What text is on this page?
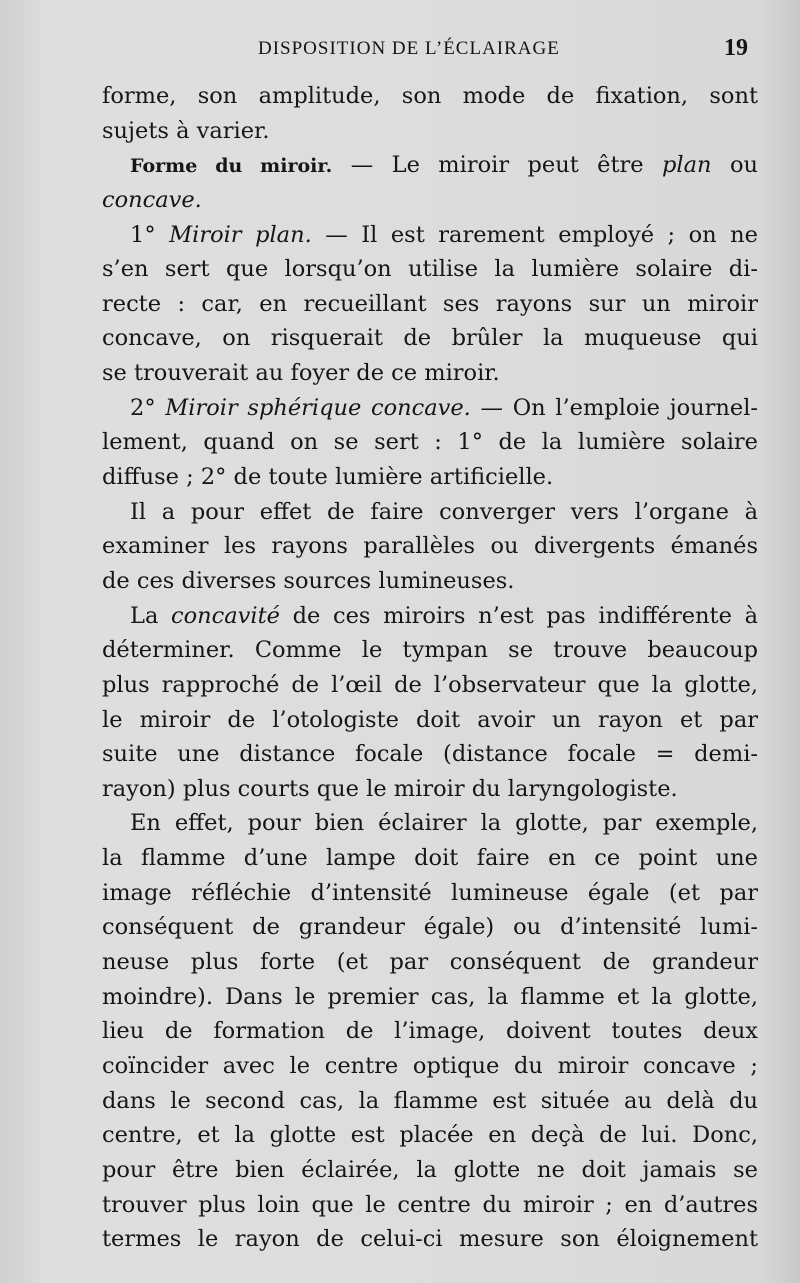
DISPOSITION DE L’ÉCLAIRAGE	19
forme, son amplitude, son mode de fixation, sont
sujets à varier.
Forme du miroir. — Le miroir peut être plan ou
concave.
1° Miroir plan. — Il est rarement employé ; on ne
s’en sert que lorsqu’on utilise la lumière solaire di-
recte : car, en recueillant ses rayons sur un miroir
concave, on risquerait de brûler la muqueuse qui
se trouverait au foyer de ce miroir.
2° Miroir sphérique concave. — On l’emploie journel-
lement, quand on se sert : 1° de la lumière solaire
diffuse ; 2° de toute lumière artificielle.
Il a pour effet de faire converger vers l’organe à
examiner les rayons parallèles ou divergents émanés
de ces diverses sources lumineuses.
La concavité de ces miroirs n’est pas indifférente à
déterminer. Comme le tympan se trouve beaucoup
plus rapproché de l’œil de l’observateur que la glotte,
le miroir de l’otologiste doit avoir un rayon et par
suite une distance focale (distance focale = demi-
rayon) plus courts que le miroir du laryngologiste.
En effet, pour bien éclairer la glotte, par exemple,
la flamme d’une lampe doit faire en ce point une
image réfléchie d’intensité lumineuse égale (et par
conséquent de grandeur égale) ou d’intensité lumi-
neuse plus forte (et par conséquent de grandeur
moindre). Dans le premier cas, la flamme et la glotte,
lieu de formation de l’image, doivent toutes deux
coïncider avec le centre optique du miroir concave ;
dans le second cas, la flamme est située au delà du
centre, et la glotte est placée en deçà de lui. Donc,
pour être bien éclairée, la glotte ne doit jamais se
trouver plus loin que le centre du miroir ; en d’autres
termes le rayon de celui-ci mesure son éloignement
